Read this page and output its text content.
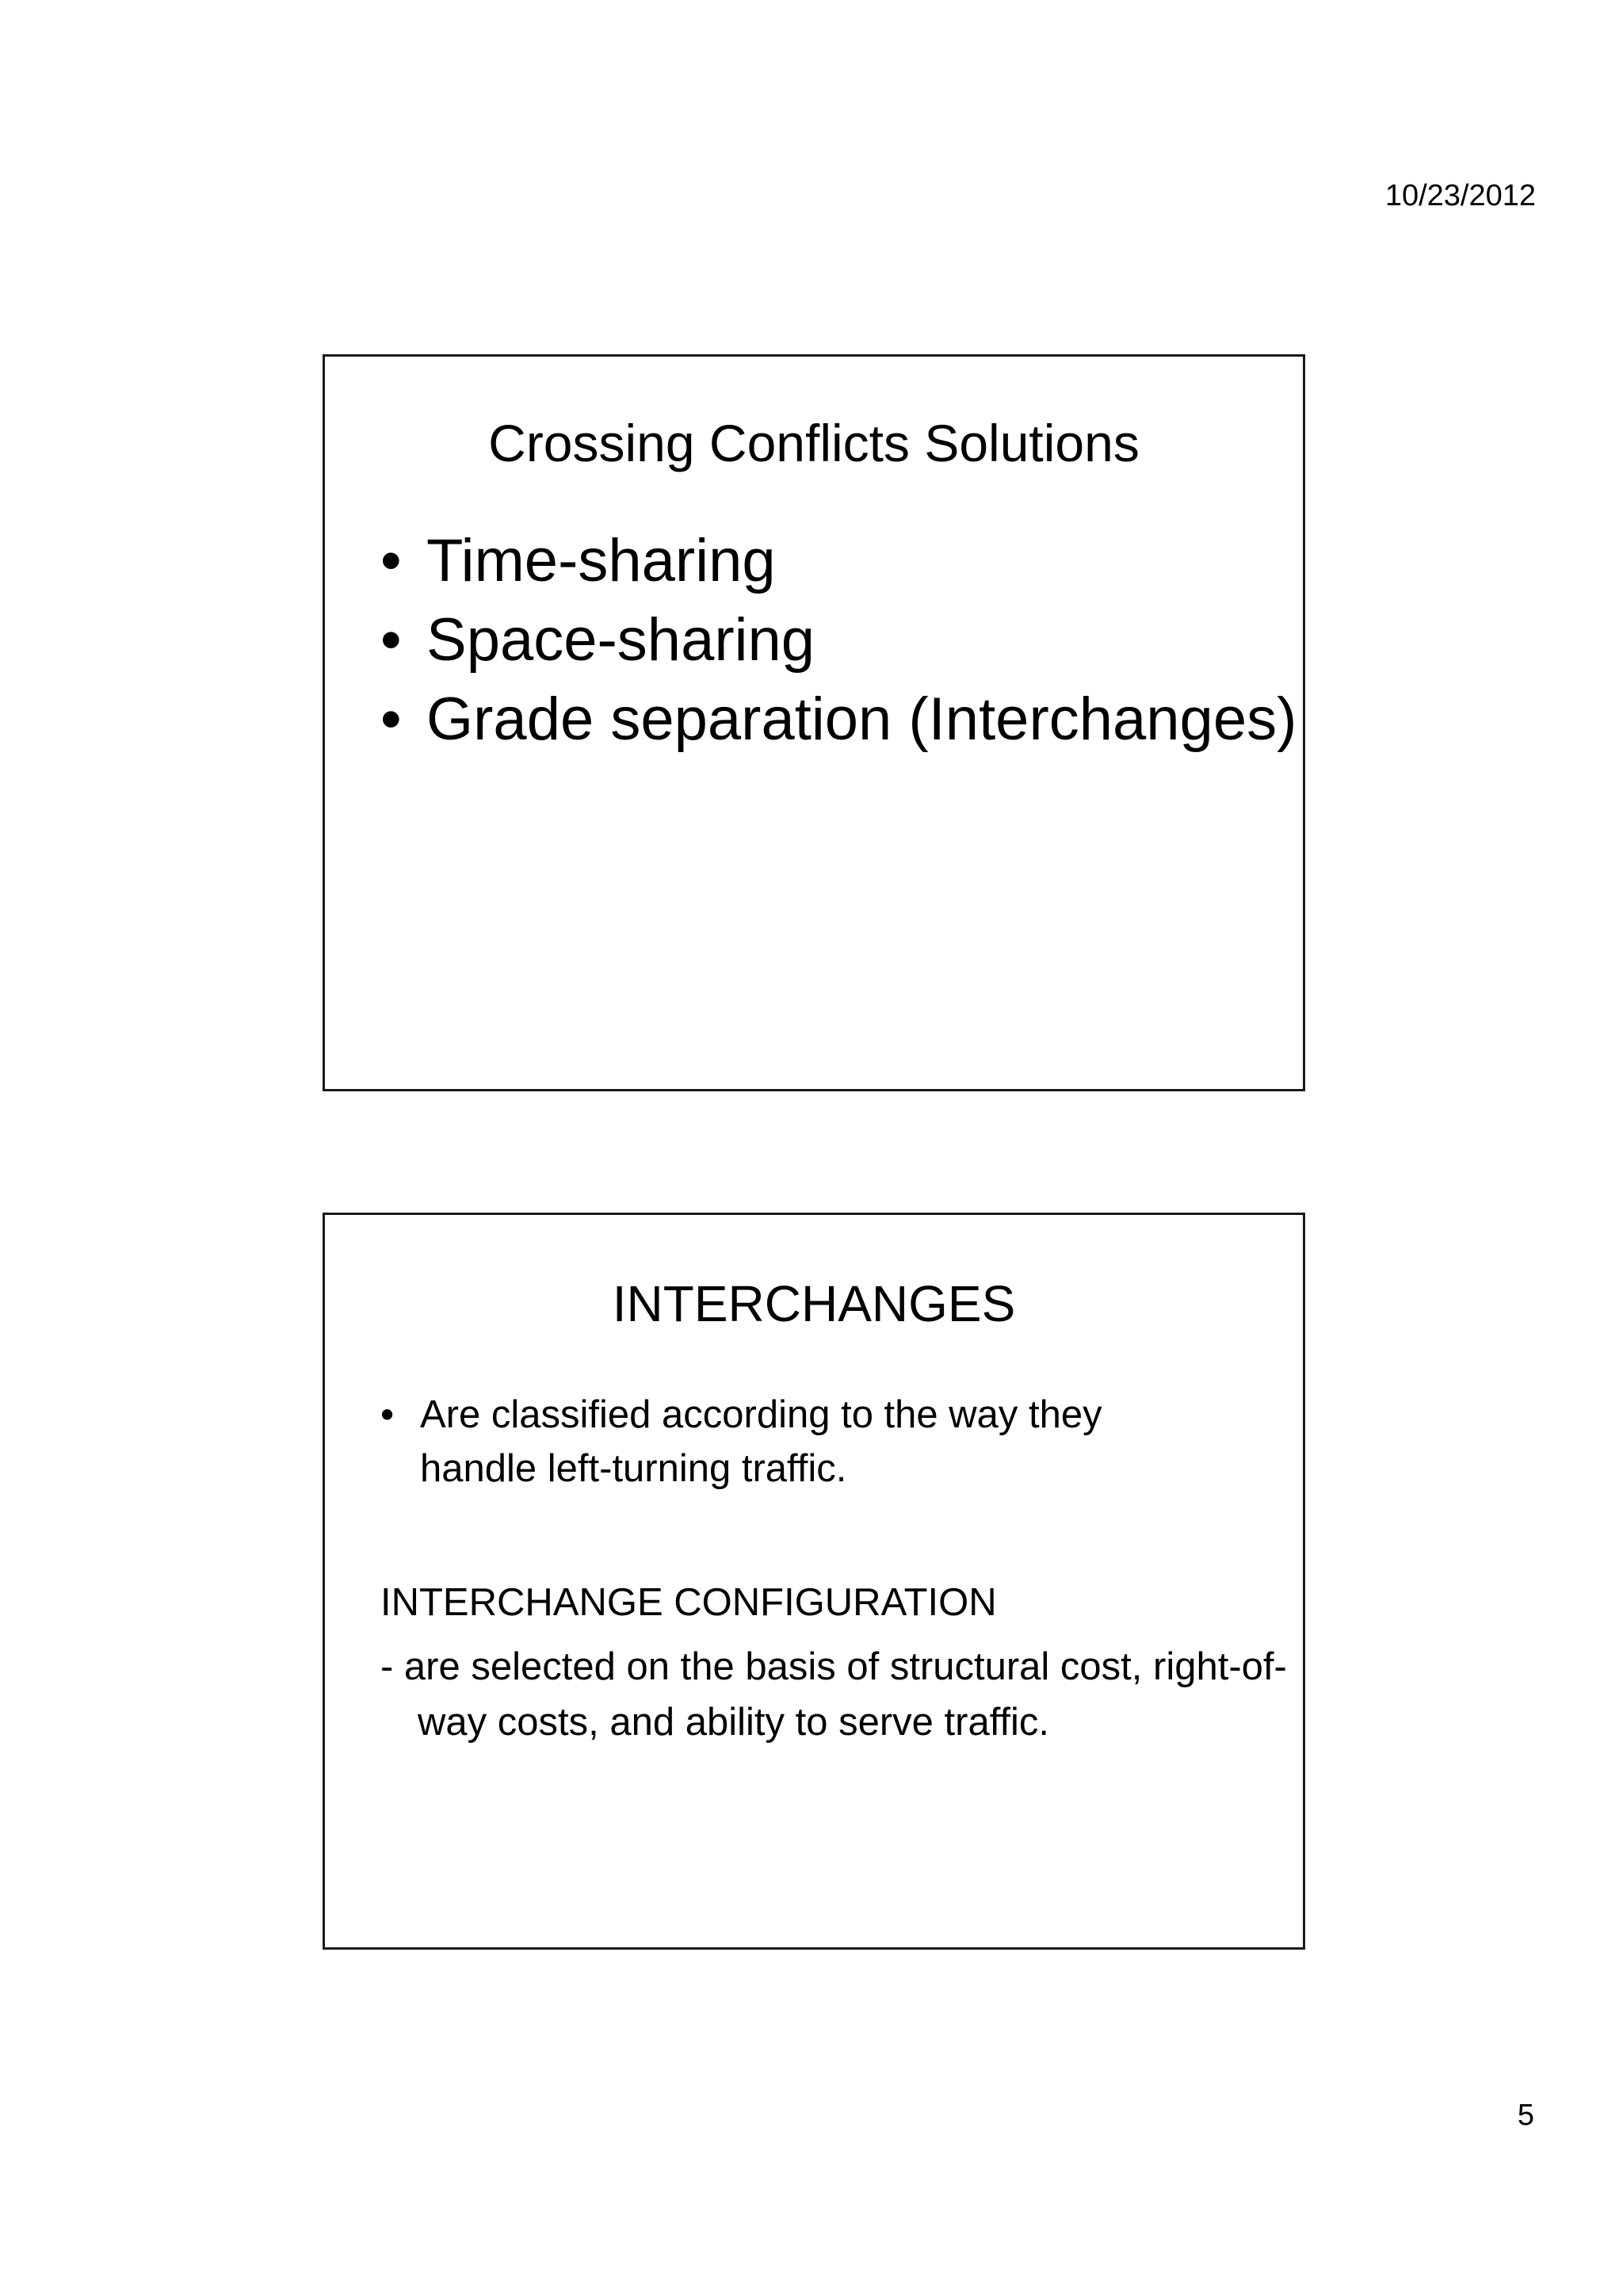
10/23/2012
Crossing Conflicts Solutions
• Time-sharing
• Space-sharing
• Grade separation (Interchanges)
INTERCHANGES
• Are classified according to the way they handle left-turning traffic.
INTERCHANGE CONFIGURATION
- are selected on the basis of structural cost, right-of-way costs, and ability to serve traffic.
5
